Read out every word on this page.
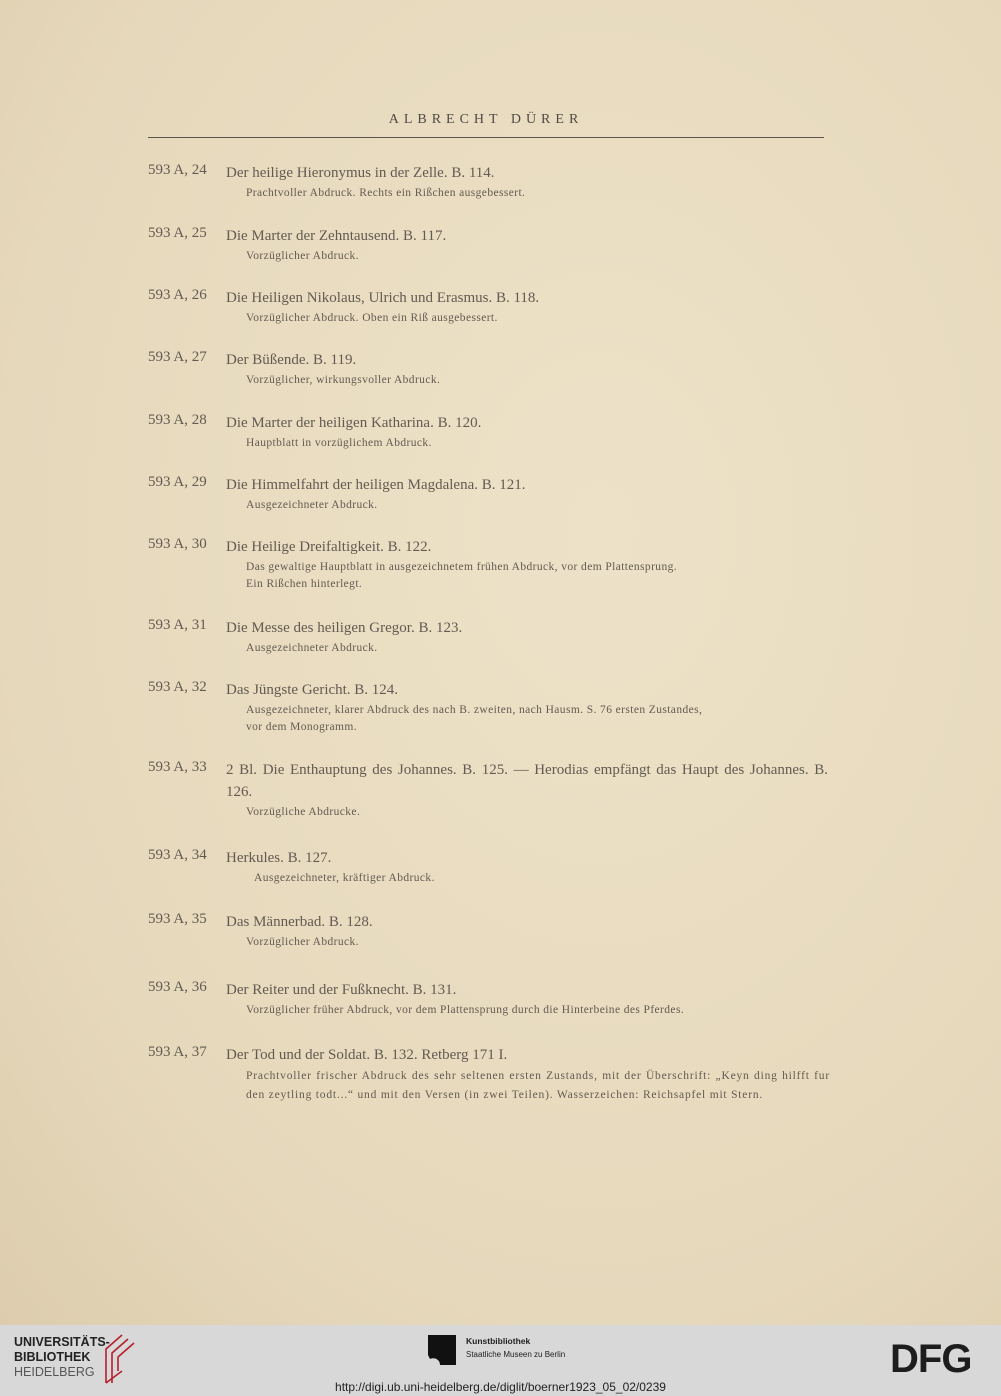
ALBRECHT DÜRER
593 A, 24 Der heilige Hieronymus in der Zelle. B. 114.
Prachtvoller Abdruck. Rechts ein Rißchen ausgebessert.
593 A, 25 Die Marter der Zehntausend. B. 117.
Vorzüglicher Abdruck.
593 A, 26 Die Heiligen Nikolaus, Ulrich und Erasmus. B. 118.
Vorzüglicher Abdruck. Oben ein Riß ausgebessert.
593 A, 27 Der Büßende. B. 119.
Vorzüglicher, wirkungsvoller Abdruck.
593 A, 28 Die Marter der heiligen Katharina. B. 120.
Hauptblatt in vorzüglichem Abdruck.
593 A, 29 Die Himmelfahrt der heiligen Magdalena. B. 121.
Ausgezeichneter Abdruck.
593 A, 30 Die Heilige Dreifaltigkeit. B. 122.
Das gewaltige Hauptblatt in ausgezeichnetem frühen Abdruck, vor dem Plattensprung.
Ein Rißchen hinterlegt.
593 A, 31 Die Messe des heiligen Gregor. B. 123.
Ausgezeichneter Abdruck.
593 A, 32 Das Jüngste Gericht. B. 124.
Ausgezeichneter, klarer Abdruck des nach B. zweiten, nach Hausm. S. 76 ersten Zustandes,
vor dem Monogramm.
593 A, 33 2 Bl. Die Enthauptung des Johannes. B. 125. — Herodias empfängt das Haupt des Johannes. B. 126.
Vorzügliche Abdrucke.
593 A, 34 Herkules. B. 127.
Ausgezeichneter, kräftiger Abdruck.
593 A, 35 Das Männerbad. B. 128.
Vorzüglicher Abdruck.
593 A, 36 Der Reiter und der Fußknecht. B. 131.
Vorzüglicher früher Abdruck, vor dem Plattensprung durch die Hinterbeine des Pferdes.
593 A, 37 Der Tod und der Soldat. B. 132. Retberg 171 I.
Prachtvoller frischer Abdruck des sehr seltenen ersten Zustands, mit der Überschrift: „Keyn ding hilfft fur den zeytling todt...“ und mit den Versen (in zwei Teilen). Wasserzeichen: Reichsapfel mit Stern.
UNIVERSITÄTS-
BIBLIOTHEK
HEIDELBERG
Kunstbibliothek
Staatliche Museen zu Berlin	DFG
http://digi.ub.uni-heidelberg.de/diglit/boerner1923_05_02/0239
